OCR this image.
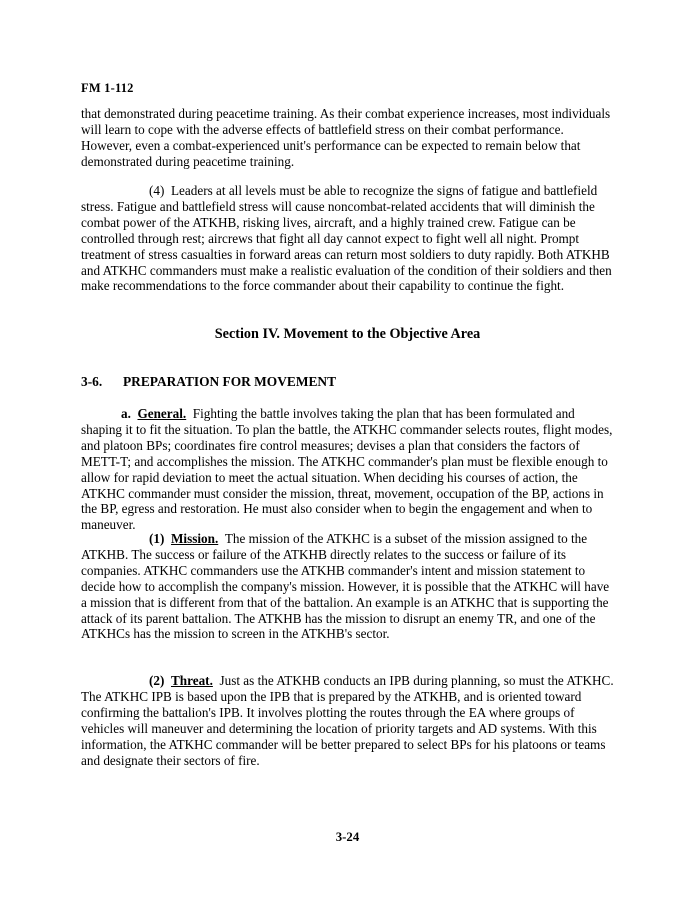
FM 1-112

that demonstrated during peacetime training. As their combat experience increases, most individuals will learn to cope with the adverse effects of battlefield stress on their combat performance. However, even a combat-experienced unit's performance can be expected to remain below that demonstrated during peacetime training.

(4) Leaders at all levels must be able to recognize the signs of fatigue and battlefield stress. Fatigue and battlefield stress will cause noncombat-related accidents that will diminish the combat power of the ATKHB, risking lives, aircraft, and a highly trained crew. Fatigue can be controlled through rest; aircrews that fight all day cannot expect to fight well all night. Prompt treatment of stress casualties in forward areas can return most soldiers to duty rapidly. Both ATKHB and ATKHC commanders must make a realistic evaluation of the condition of their soldiers and then make recommendations to the force commander about their capability to continue the fight.

Section IV. Movement to the Objective Area
3-6. PREPARATION FOR MOVEMENT

a. General. Fighting the battle involves taking the plan that has been formulated and shaping it to fit the situation. To plan the battle, the ATKHC commander selects routes, flight modes, and platoon BPs; coordinates fire control measures; devises a plan that considers the factors of METT-T; and accomplishes the mission. The ATKHC commander's plan must be flexible enough to allow for rapid deviation to meet the actual situation. When deciding his courses of action, the ATKHC commander must consider the mission, threat, movement, occupation of the BP, actions in the BP, egress and restoration. He must also consider when to begin the engagement and when to maneuver.

(1) Mission. The mission of the ATKHC is a subset of the mission assigned to the ATKHB. The success or failure of the ATKHB directly relates to the success or failure of its companies. ATKHC commanders use the ATKHB commander's intent and mission statement to decide how to accomplish the company's mission. However, it is possible that the ATKHC will have a mission that is different from that of the battalion. An example is an ATKHC that is supporting the attack of its parent battalion. The ATKHB has the mission to disrupt an enemy TR, and one of the ATKHCs has the mission to screen in the ATKHB's sector.

(2) Threat. Just as the ATKHB conducts an IPB during planning, so must the ATKHC. The ATKHC IPB is based upon the IPB that is prepared by the ATKHB, and is oriented toward confirming the battalion's IPB. It involves plotting the routes through the EA where groups of vehicles will maneuver and determining the location of priority targets and AD systems. With this information, the ATKHC commander will be better prepared to select BPs for his platoons or teams and designate their sectors of fire.

3-24
